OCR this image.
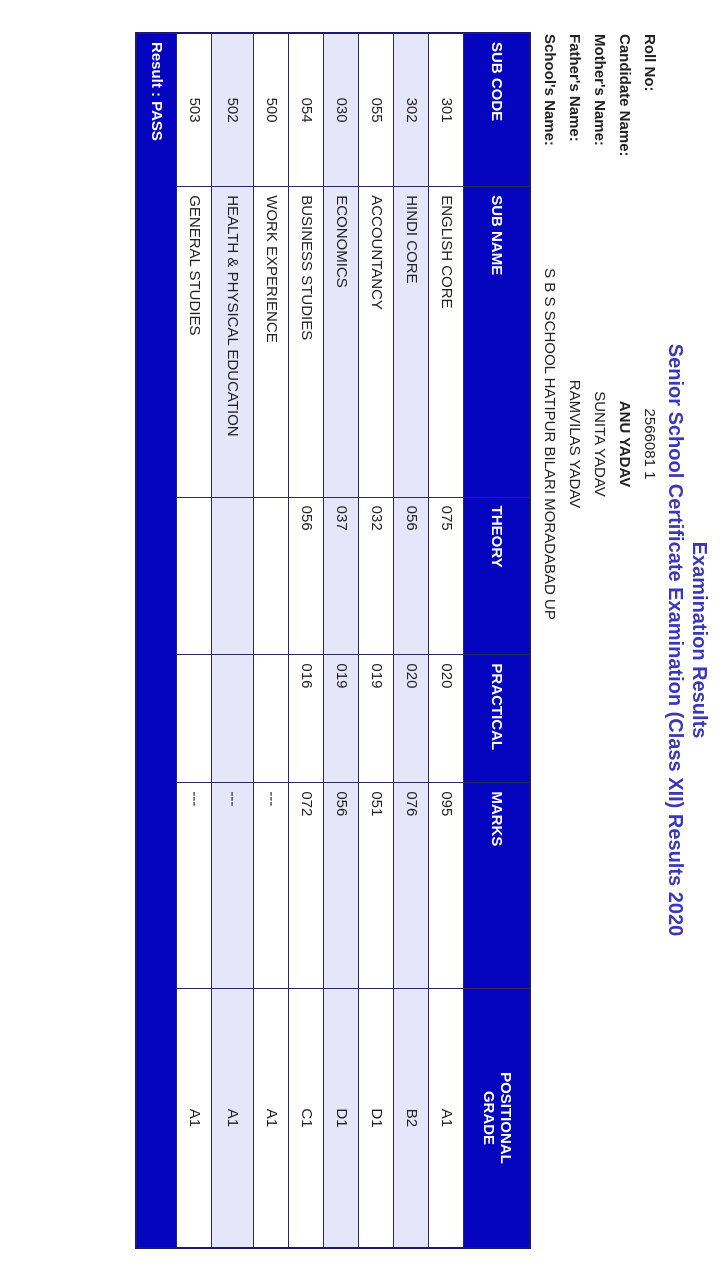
Examination Results
Senior School Certificate Examination (Class XII) Results 2020
Roll No:
2566081 1
Candidate Name:
ANU YADAV
Mother's Name:
SUNITA YADAV
Father's Name:
RAMVILAS YADAV
School's Name:
S B S SCHOOL HATIPUR BILARI MORADABAD UP
SUB CODE	SUB NAME	THEORY	PRACTICAL	MARKS	POSITIONAL
GRADE
301	ENGLISH CORE	075	020	095	A1
302	HINDI CORE	056	020	076	B2
055	ACCOUNTANCY	032	019	051	D1
030	ECONOMICS	037	019	056	D1
054	BUSINESS STUDIES	056	016	072	C1
500	WORK EXPERIENCE			---	A1
502	HEALTH & PHYSICAL EDUCATION			---	A1
503	GENERAL STUDIES			---	A1
Result : PASS					
